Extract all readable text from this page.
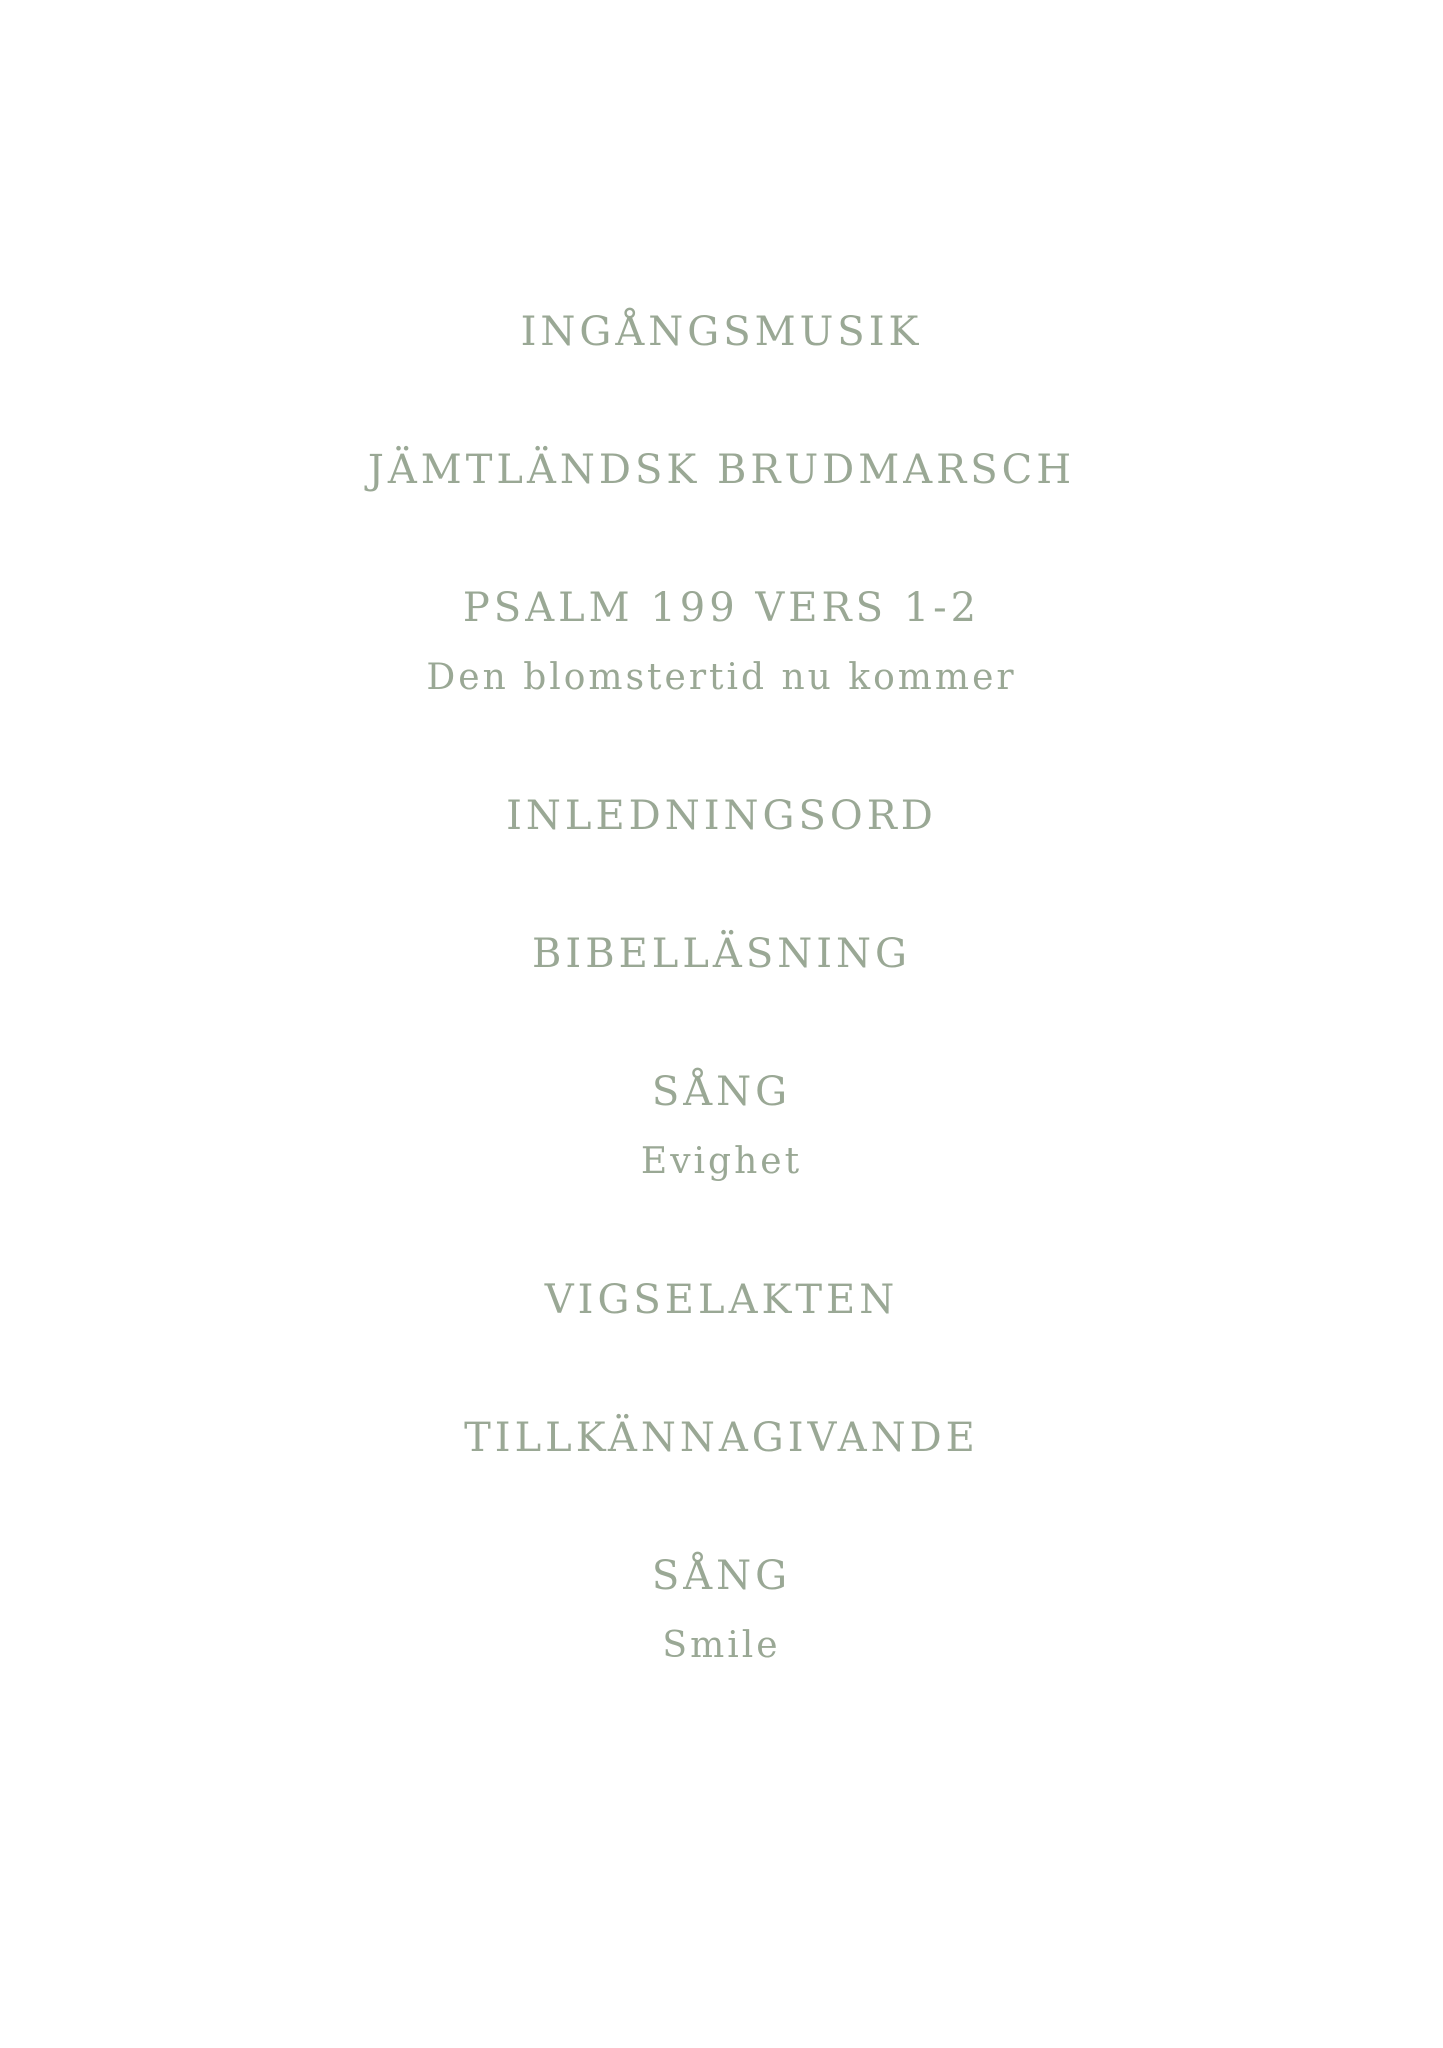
INGÅNGSMUSIK
JÄMTLÄNDSK BRUDMARSCH
PSALM 199 VERS 1-2
Den blomstertid nu kommer
INLEDNINGSORD
BIBELLÄSNING
SÅNG
Evighet
VIGSELAKTEN
TILLKÄNNAGIVANDE
SÅNG
Smile
